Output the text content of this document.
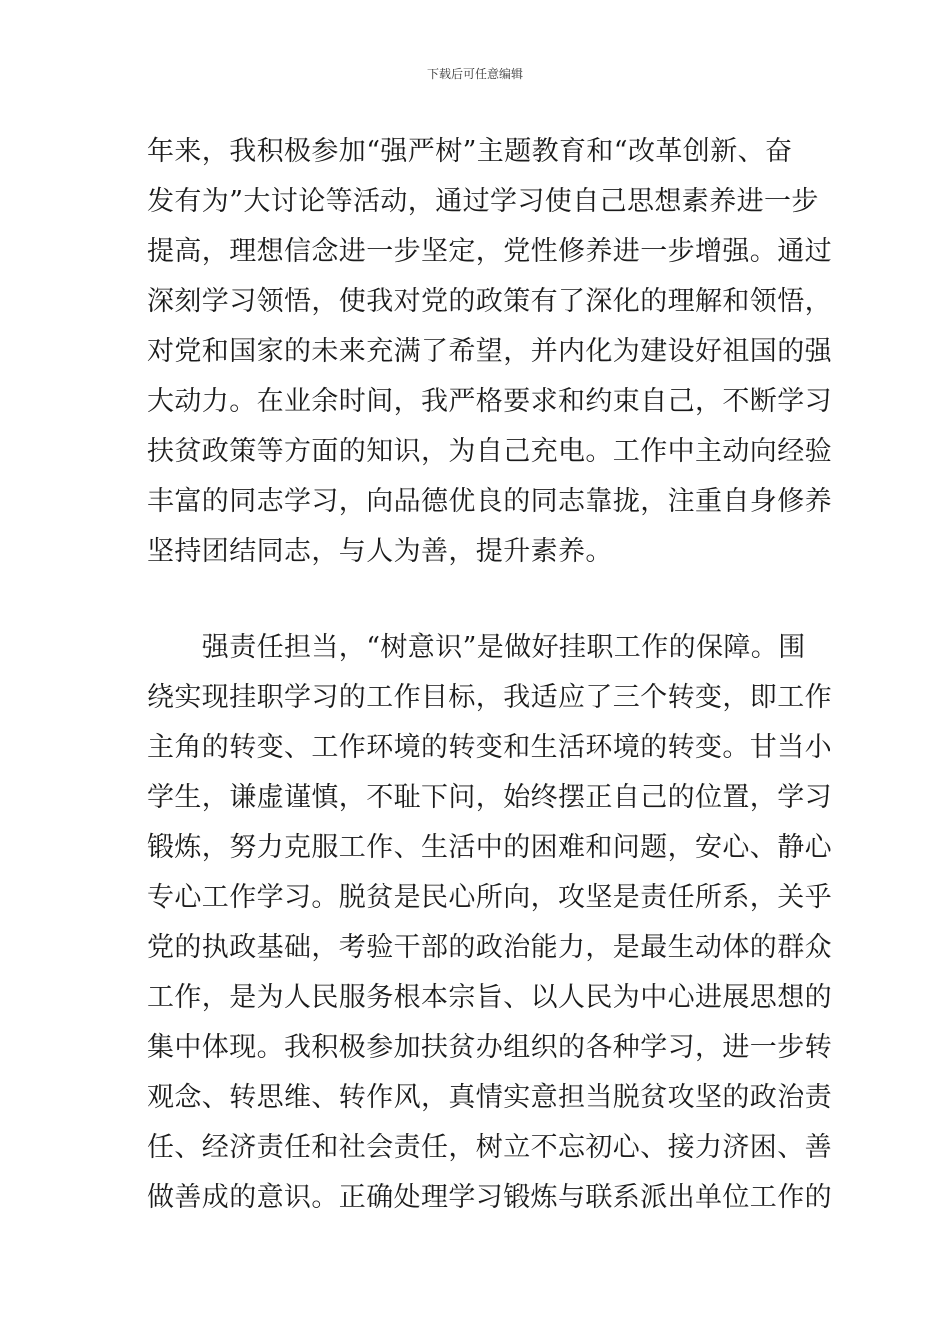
下载后可任意编辑
年来，我积极参加“强严树”主题教育和“改革创新、奋
发有为”大讨论等活动，通过学习使自己思想素养进一步
提高，理想信念进一步坚定，党性修养进一步增强。通过
深刻学习领悟，使我对党的政策有了深化的理解和领悟，
对党和国家的未来充满了希望，并内化为建设好祖国的强
大动力。在业余时间，我严格要求和约束自己，不断学习
扶贫政策等方面的知识，为自己充电。工作中主动向经验
丰富的同志学习，向品德优良的同志靠拢，注重自身修养
坚持团结同志，与人为善，提升素养。
　　强责任担当，“树意识”是做好挂职工作的保障。围
绕实现挂职学习的工作目标，我适应了三个转变，即工作
主角的转变、工作环境的转变和生活环境的转变。甘当小
学生，谦虚谨慎，不耻下问，始终摆正自己的位置，学习
锻炼，努力克服工作、生活中的困难和问题，安心、静心
专心工作学习。脱贫是民心所向，攻坚是责任所系，关乎
党的执政基础，考验干部的政治能力，是最生动体的群众
工作，是为人民服务根本宗旨、以人民为中心进展思想的
集中体现。我积极参加扶贫办组织的各种学习，进一步转
观念、转思维、转作风，真情实意担当脱贫攻坚的政治责
任、经济责任和社会责任，树立不忘初心、接力济困、善
做善成的意识。正确处理学习锻炼与联系派出单位工作的
